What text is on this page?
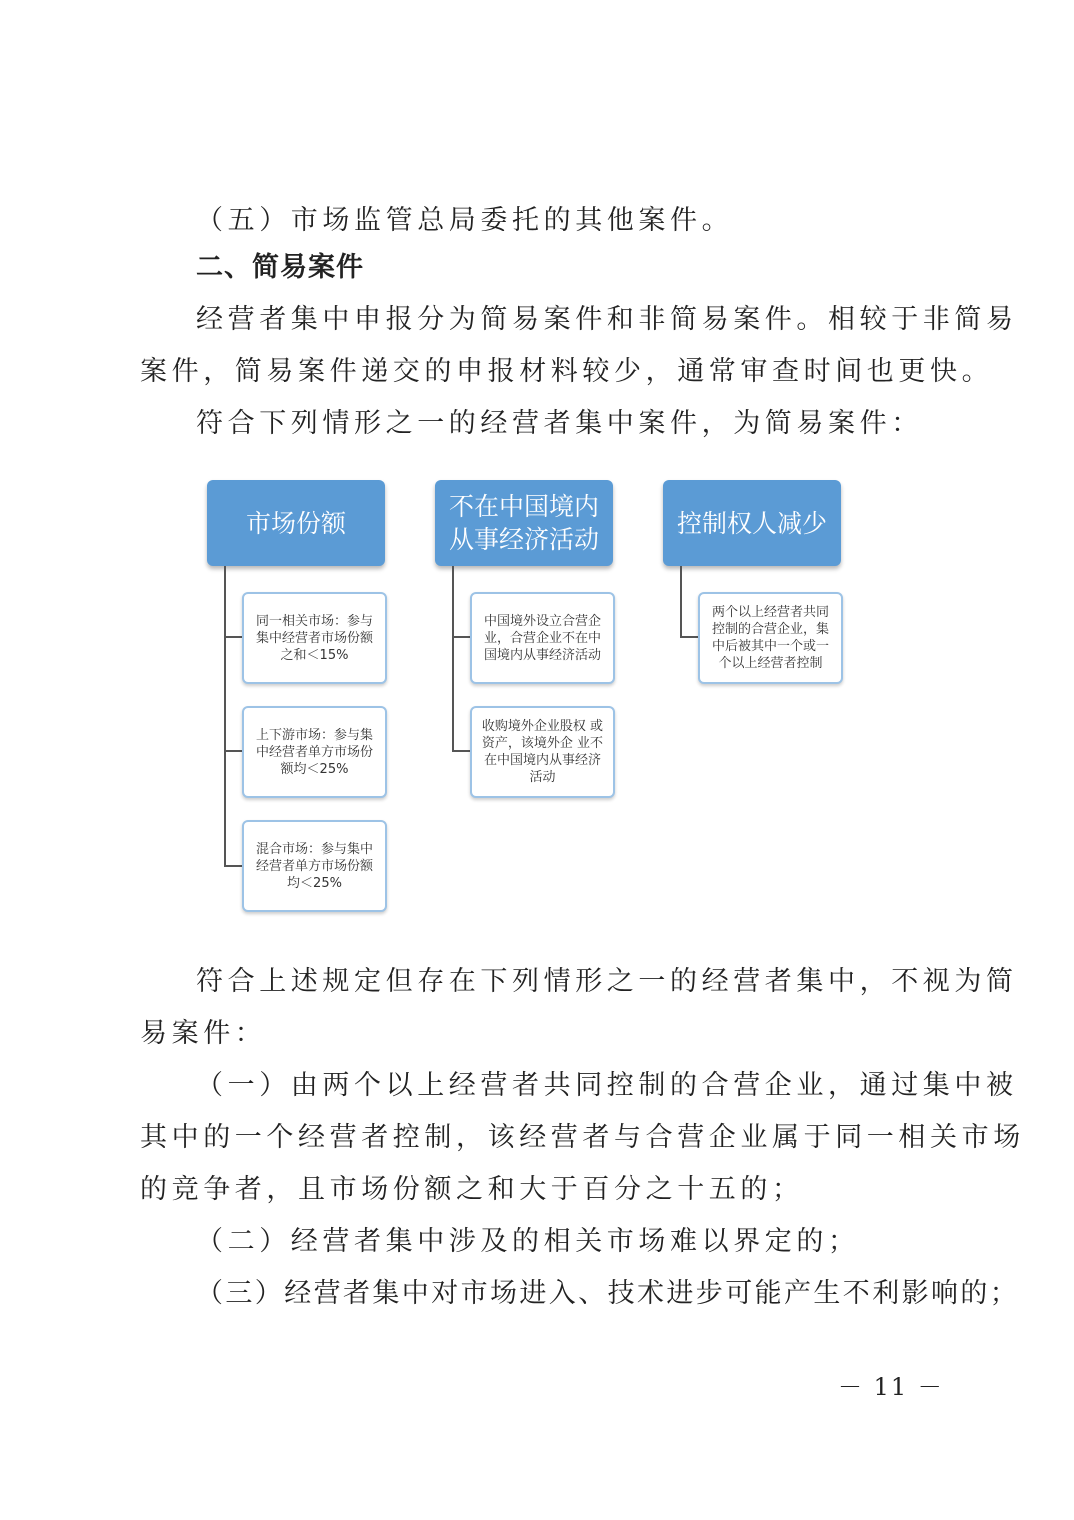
（五）市场监管总局委托的其他案件。
二、简易案件
经营者集中申报分为简易案件和非简易案件。相较于非简易
案件，简易案件递交的申报材料较少，通常审查时间也更快。
符合下列情形之一的经营者集中案件，为简易案件：
市场份额
同一相关市场：参与集中经营者市场份额之和＜15%
上下游市场：参与集中经营者单方市场份额均＜25%
混合市场：参与集中经营者单方市场份额均＜25%
不在中国境内
从事经济活动
中国境外设立合营企业，合营企业不在中国境内从事经济活动
收购境外企业股权 或资产，该境外企 业不在中国境内从事经济活动
控制权人减少
两个以上经营者共同控制的合营企业，集中后被其中一个或一个以上经营者控制
符合上述规定但存在下列情形之一的经营者集中，不视为简
易案件：
（一）由两个以上经营者共同控制的合营企业，通过集中被
其中的一个经营者控制，该经营者与合营企业属于同一相关市场
的竞争者，且市场份额之和大于百分之十五的；
（二）经营者集中涉及的相关市场难以界定的；
（三）经营者集中对市场进入、技术进步可能产生不利影响的；
－ 11 －
